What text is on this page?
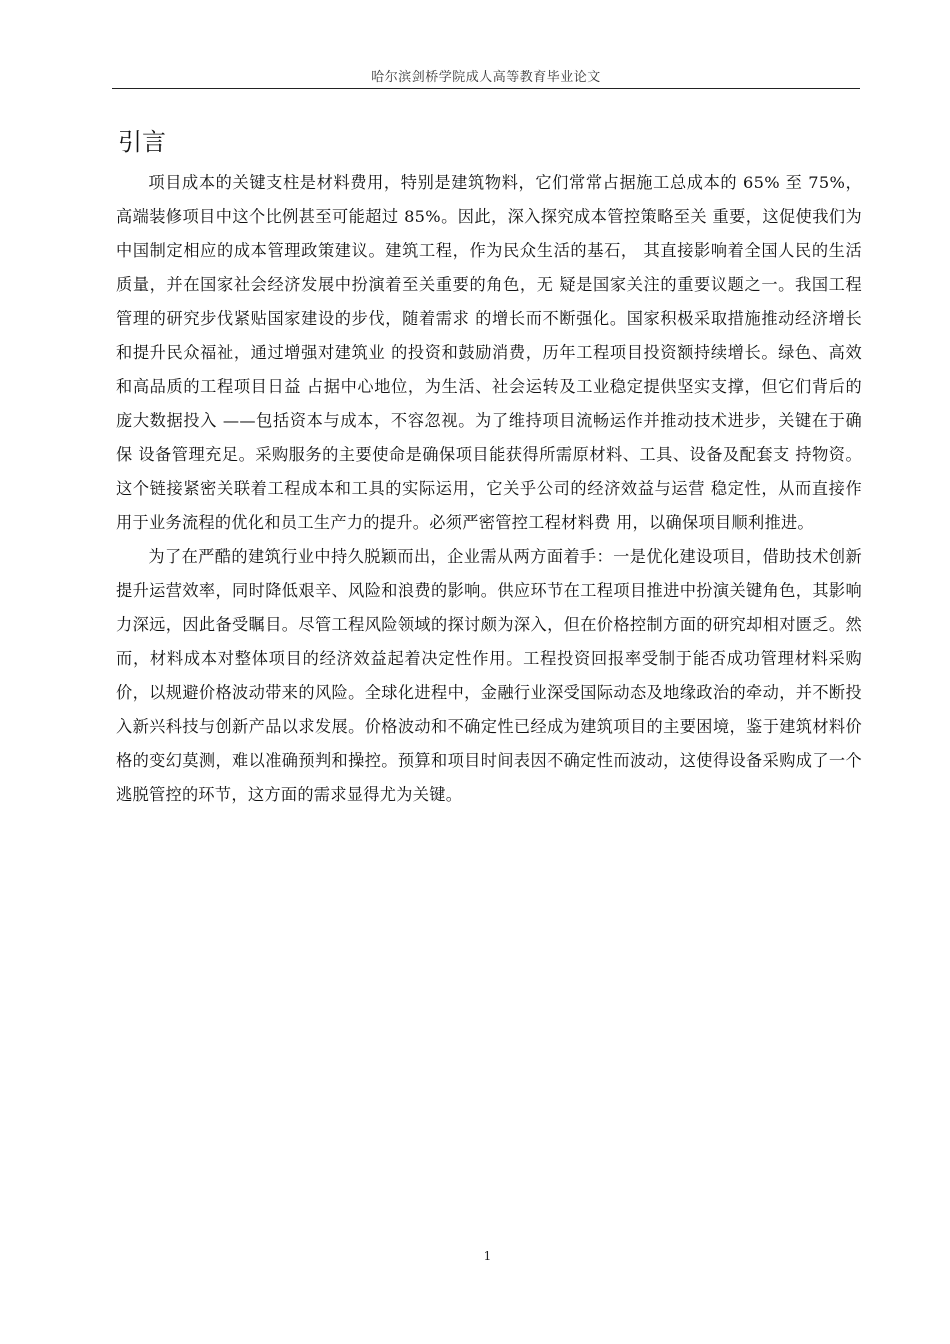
哈尔滨剑桥学院成人高等教育毕业论文
引言

项目成本的关键支柱是材料费用，特别是建筑物料，它们常常占据施工总成本的 65% 至 75%，高端装修项目中这个比例甚至可能超过 85%。因此，深入探究成本管控策略至关 重要，这促使我们为中国制定相应的成本管理政策建议。建筑工程，作为民众生活的基石， 其直接影响着全国人民的生活质量，并在国家社会经济发展中扮演着至关重要的角色，无 疑是国家关注的重要议题之一。我国工程管理的研究步伐紧贴国家建设的步伐，随着需求 的增长而不断强化。国家积极采取措施推动经济增长和提升民众福祉，通过增强对建筑业 的投资和鼓励消费，历年工程项目投资额持续增长。绿色、高效和高品质的工程项目日益 占据中心地位，为生活、社会运转及工业稳定提供坚实支撑，但它们背后的庞大数据投入 ——包括资本与成本，不容忽视。为了维持项目流畅运作并推动技术进步，关键在于确保 设备管理充足。采购服务的主要使命是确保项目能获得所需原材料、工具、设备及配套支 持物资。这个链接紧密关联着工程成本和工具的实际运用，它关乎公司的经济效益与运营 稳定性，从而直接作用于业务流程的优化和员工生产力的提升。必须严密管控工程材料费 用，以确保项目顺利推进。

为了在严酷的建筑行业中持久脱颖而出，企业需从两方面着手：一是优化建设项目，借助技术创新提升运营效率，同时降低艰辛、风险和浪费的影响。供应环节在工程项目推进中扮演关键角色，其影响力深远，因此备受瞩目。尽管工程风险领域的探讨颇为深入，但在价格控制方面的研究却相对匮乏。然而，材料成本对整体项目的经济效益起着决定性作用。工程投资回报率受制于能否成功管理材料采购价，以规避价格波动带来的风险。全球化进程中，金融行业深受国际动态及地缘政治的牵动，并不断投入新兴科技与创新产品以求发展。价格波动和不确定性已经成为建筑项目的主要困境，鉴于建筑材料价格的变幻莫测，难以准确预判和操控。预算和项目时间表因不确定性而波动，这使得设备采购成了一个逃脱管控的环节，这方面的需求显得尤为关键。

1
